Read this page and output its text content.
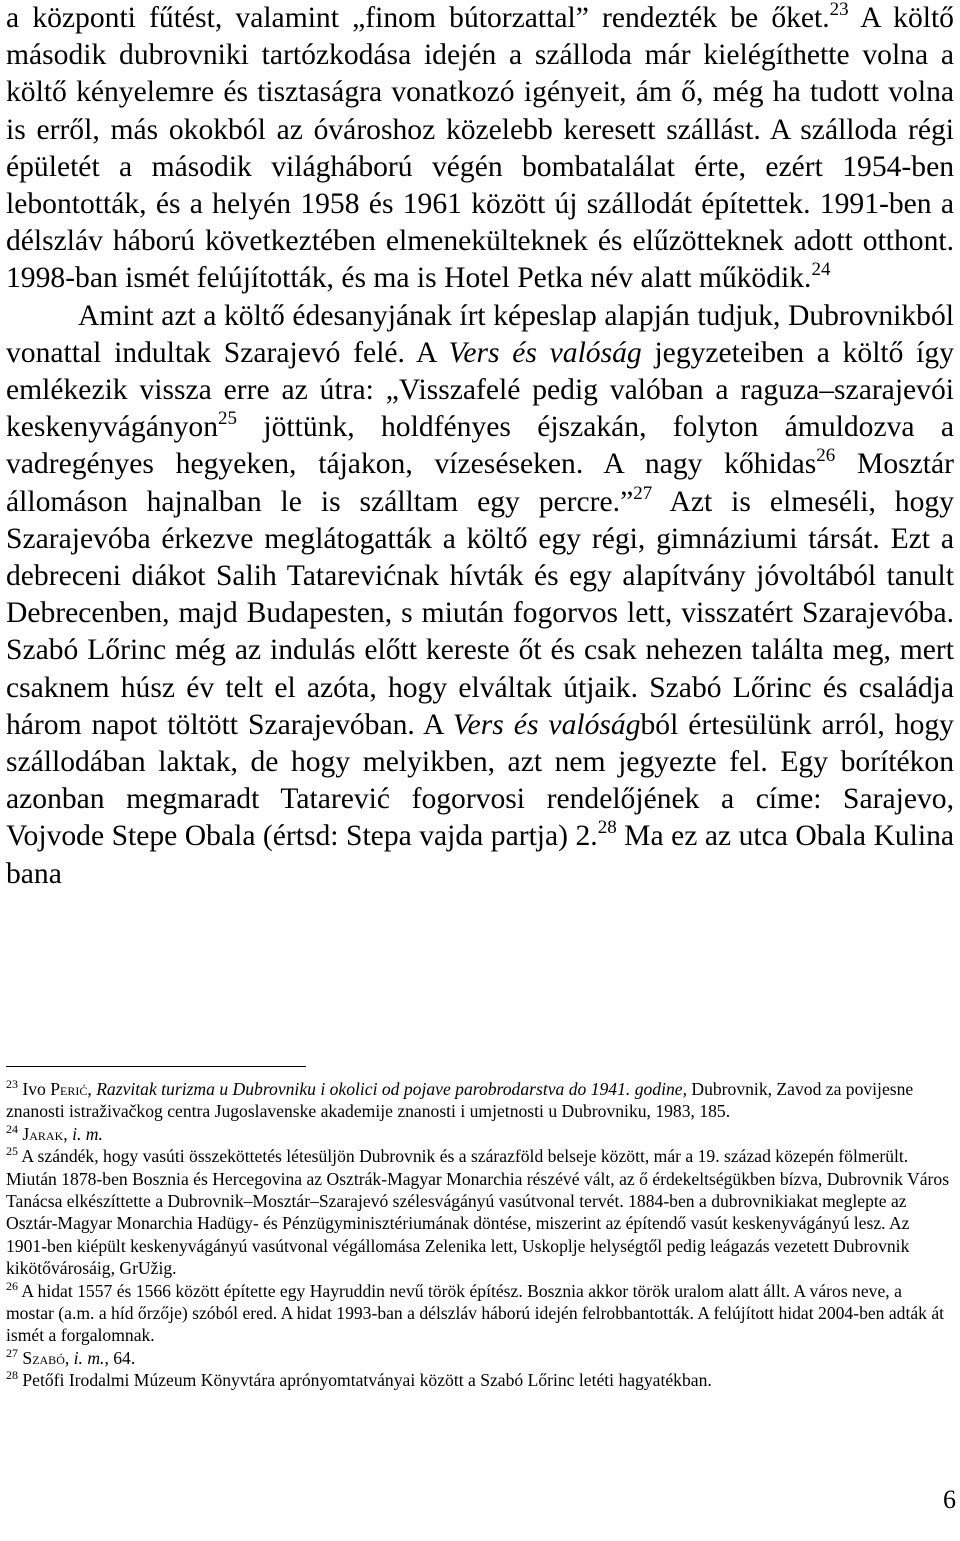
a központi fűtést, valamint „finom bútorzattal” rendezték be őket.$^{23}$ A költő második dubrovniki tartózkodása idején a szálloda már kielégíthette volna a költő kényelemre és tisztaságra vonatkozó igényeit, ám ő, még ha tudott volna is erről, más okokból az óvároshoz közelebb keresett szállást. A szálloda régi épületét a második világháború végén bombatalálat érte, ezért 1954-ben lebontották, és a helyén 1958 és 1961 között új szállodát építettek. 1991-ben a délszláv háború következtében elmenekülteknek és elűzötteknek adott otthont. 1998-ban ismét felújították, és ma is Hotel Petka név alatt működik.$^{24}$

Amint azt a költő édesanyjának írt képeslap alapján tudjuk, Dubrovnikból vonattal indultak Szarajevó felé. A Vers és valóság jegyzeteiben a költő így emlékezik vissza erre az útra: „Visszafelé pedig valóban a raguza–szarajevói keskenyvágányon$^{25}$ jöttünk, holdfényes éjszakán, folyton ámuldozva a vadregényes hegyeken, tájakon, vízeséseken. A nagy kőhidas$^{26}$ Mosztár állomáson hajnalban le is szálltam egy percre.”$^{27}$ Azt is elmeséli, hogy Szarajevóba érkezve meglátogatták a költő egy régi, gimnáziumi társát. Ezt a debreceni diákot Salih Tatarevićnak hívták és egy alapítvány jóvoltából tanult Debrecenben, majd Budapesten, s miután fogorvos lett, visszatért Szarajevóba. Szabó Lőrinc még az indulás előtt kereste őt és csak nehezen találta meg, mert csaknem húsz év telt el azóta, hogy elváltak útjaik. Szabó Lőrinc és családja három napot töltött Szarajevóban. A Vers és valóságból értesülünk arról, hogy szállodában laktak, de hogy melyikben, azt nem jegyezte fel. Egy borítékon azonban megmaradt Tatarević fogorvosi rendelőjének a címe: Sarajevo, Vojvode Stepe Obala (értsd: Stepa vajda partja) 2.28 Ma ez az utca Obala Kulina bana

$^{23}$ Ivo Perić, Razvitak turizma u Dubrovniku i okolici od pojave parobrodarstva do 1941. godine, Dubrovnik, Zavod za povijesne znanosti istraživačkog centra Jugoslavenske akademije znanosti i umjetnosti u Dubrovniku, 1983, 185.

$^{24}$ Jarak, i. m.

$^{25}$ A szándék, hogy vasúti összeköttetés létesüljön Dubrovnik és a szárazföld belseje között, már a 19. század közepén fölmerült. Miután 1878-ben Bosznia és Hercegovina az Osztrák-Magyar Monarchia részévé vált, az ő érdekeltségükben bízva, Dubrovnik Város Tanácsa elkészíttette a Dubrovnik–Mosztár–Szarajevó szélesvágányú vasútvonal tervét. 1884-ben a dubrovnikiakat meglepte az Osztár-Magyar Monarchia Hadügy- és Pénzügyminisztériumának döntése, miszerint az építendő vasút keskenyvágányú lesz. Az 1901-ben kiépült keskenyvágányú vasútvonal végállomása Zelenika lett, Uskoplje helységtől pedig leágazás vezetett Dubrovnik kikötővárosáig, GrUžig.

$^{26}$ A hidat 1557 és 1566 között építette egy Hayruddin nevű török építész. Bosznia akkor török uralom alatt állt. A város neve, a mostar (a.m. a híd őrzője) szóból ered. A hidat 1993-ban a délszláv háború idején felrobbantották. A felújított hidat 2004-ben adták át ismét a forgalomnak.

$^{27}$ Szabó, i. m., 64.

$^{28}$ Petőfi Irodalmi Múzeum Könyvtára aprónyomtatványai között a Szabó Lőrinc letéti hagyatékban.

6
